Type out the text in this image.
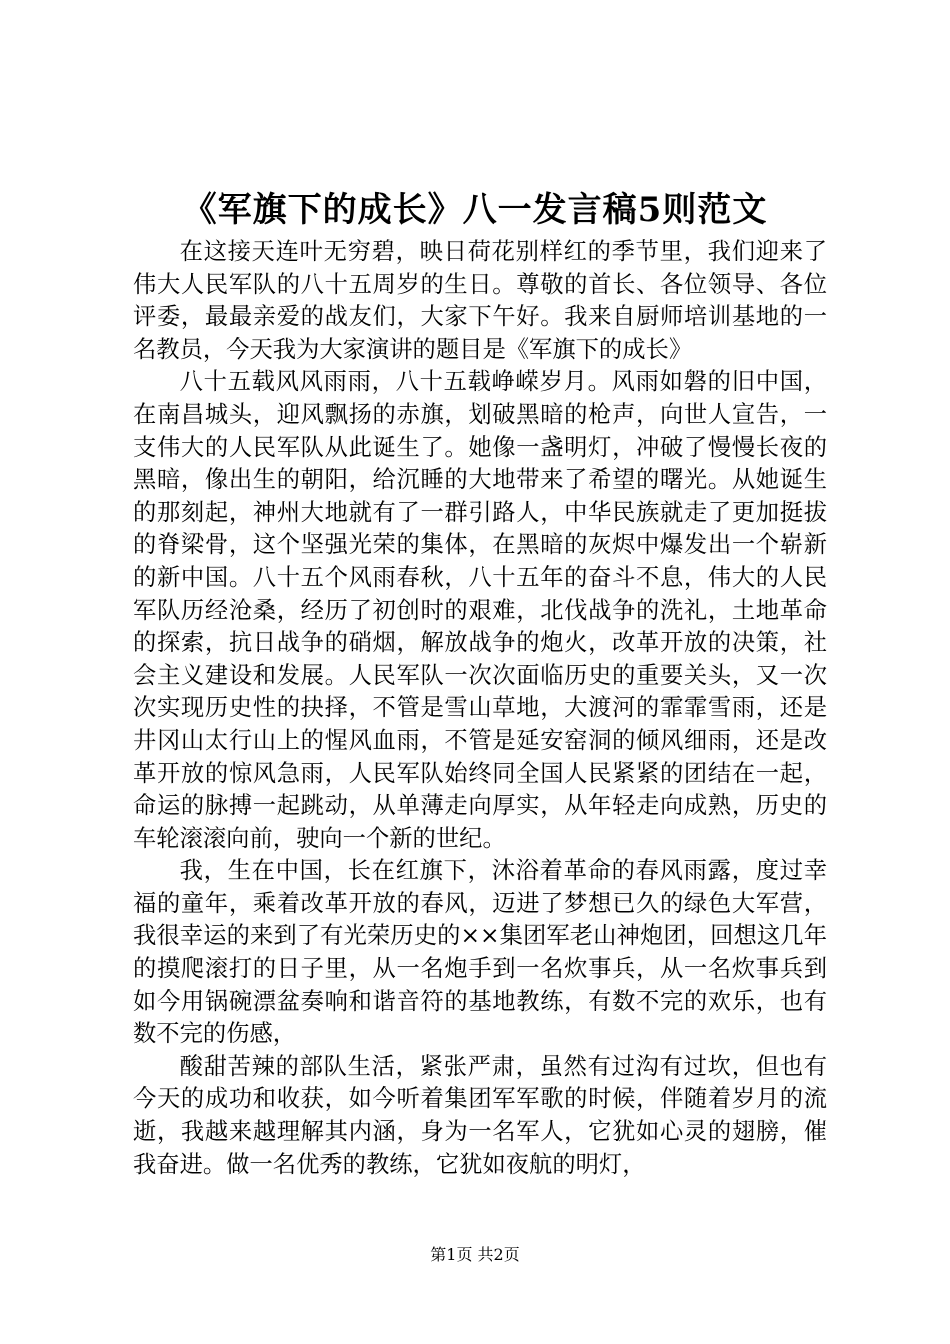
《军旗下的成长》八一发言稿5则范文

在这接天连叶无穷碧，映日荷花别样红的季节里，我们迎来了伟大人民军队的八十五周岁的生日。尊敬的首长、各位领导、各位评委，最最亲爱的战友们，大家下午好。我来自厨师培训基地的一名教员，今天我为大家演讲的题目是《军旗下的成长》

八十五载风风雨雨，八十五载峥嵘岁月。风雨如磐的旧中国，在南昌城头，迎风飘扬的赤旗，划破黑暗的枪声，向世人宣告，一支伟大的人民军队从此诞生了。她像一盏明灯，冲破了慢慢长夜的黑暗，像出生的朝阳，给沉睡的大地带来了希望的曙光。从她诞生的那刻起，神州大地就有了一群引路人，中华民族就走了更加挺拔的脊梁骨，这个坚强光荣的集体，在黑暗的灰烬中爆发出一个崭新的新中国。八十五个风雨春秋，八十五年的奋斗不息，伟大的人民军队历经沧桑，经历了初创时的艰难，北伐战争的洗礼，土地革命的探索，抗日战争的硝烟，解放战争的炮火，改革开放的决策，社会主义建设和发展。人民军队一次次面临历史的重要关头，又一次次实现历史性的抉择，不管是雪山草地，大渡河的霏霏雪雨，还是井冈山太行山上的惺风血雨，不管是延安窑洞的倾风细雨，还是改革开放的惊风急雨，人民军队始终同全国人民紧紧的团结在一起，命运的脉搏一起跳动，从单薄走向厚实，从年轻走向成熟，历史的车轮滚滚向前，驶向一个新的世纪。

我，生在中国，长在红旗下，沐浴着革命的春风雨露，度过幸福的童年，乘着改革开放的春风，迈进了梦想已久的绿色大军营，我很幸运的来到了有光荣历史的××集团军老山神炮团，回想这几年的摸爬滚打的日子里，从一名炮手到一名炊事兵，从一名炊事兵到如今用锅碗漂盆奏响和谐音符的基地教练，有数不完的欢乐，也有数不完的伤感，

酸甜苦辣的部队生活，紧张严肃，虽然有过沟有过坎，但也有今天的成功和收获，如今听着集团军军歌的时候，伴随着岁月的流逝，我越来越理解其内涵，身为一名军人，它犹如心灵的翅膀，催我奋进。做一名优秀的教练，它犹如夜航的明灯，

第1页 共2页
